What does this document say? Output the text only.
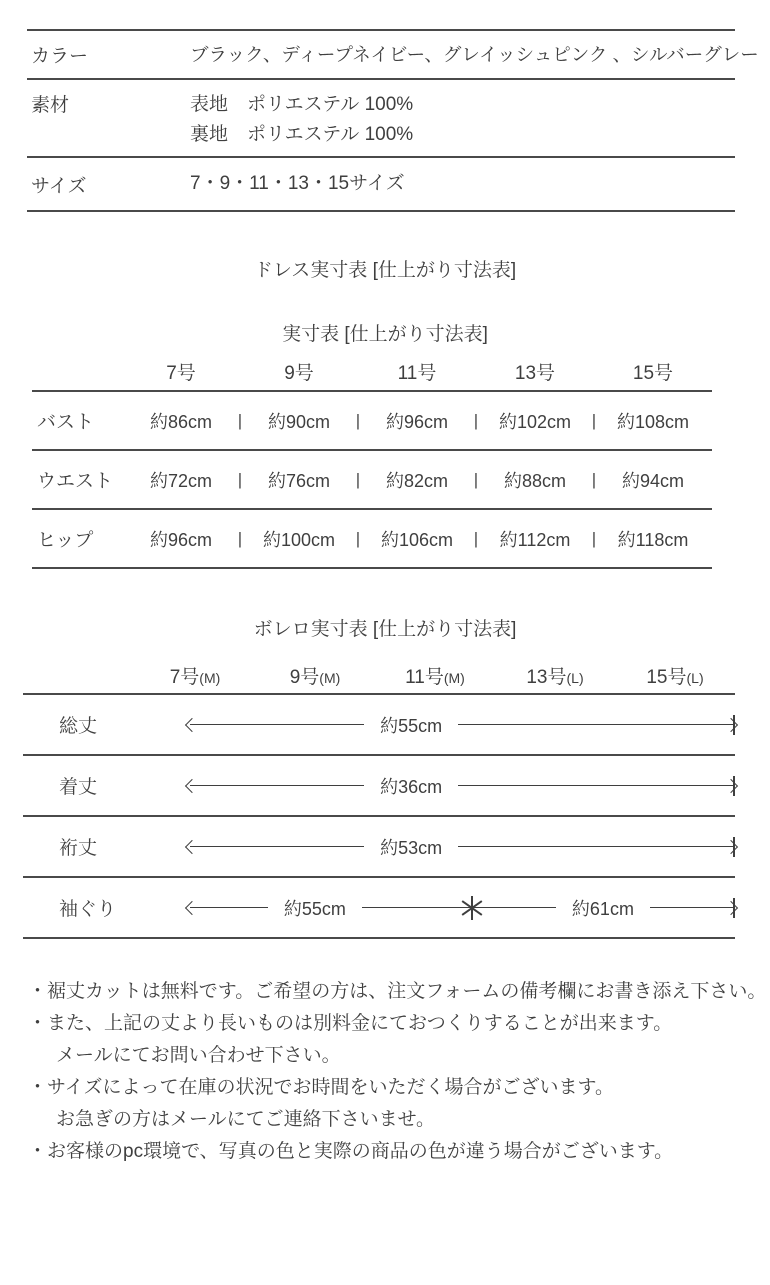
カラー	ブラック、ディープネイビー、グレイッシュピンク 、シルバーグレー
素材	表地　ポリエステル 100%
裏地　ポリエステル 100%
サイズ	7・9・11・13・15サイズ
ドレス実寸表 [仕上がり寸法表]
実寸表 [仕上がり寸法表]
7号	9号	11号	13号	15号
バスト	約86cm	|	約90cm	|	約96cm	|	約102cm	|	約108cm
ウエスト	約72cm	|	約76cm	|	約82cm	|	約88cm	|	約94cm
ヒップ	約96cm	|	約100cm	|	約106cm	|	約112cm	|	約118cm
ボレロ実寸表 [仕上がり寸法表]
7号(M)	9号(M)	11号(M)	13号(L)	15号(L)
総丈	約55cm
着丈	約36cm
裄丈	約53cm
袖ぐり	約55cm	約61cm
・裾丈カットは無料です。ご希望の方は、注文フォームの備考欄にお書き添え下さい。
・また、上記の丈より長いものは別料金にておつくりすることが出来ます。
メールにてお問い合わせ下さい。
・サイズによって在庫の状況でお時間をいただく場合がございます。
お急ぎの方はメールにてご連絡下さいませ。
・お客様のpc環境で、写真の色と実際の商品の色が違う場合がございます。
